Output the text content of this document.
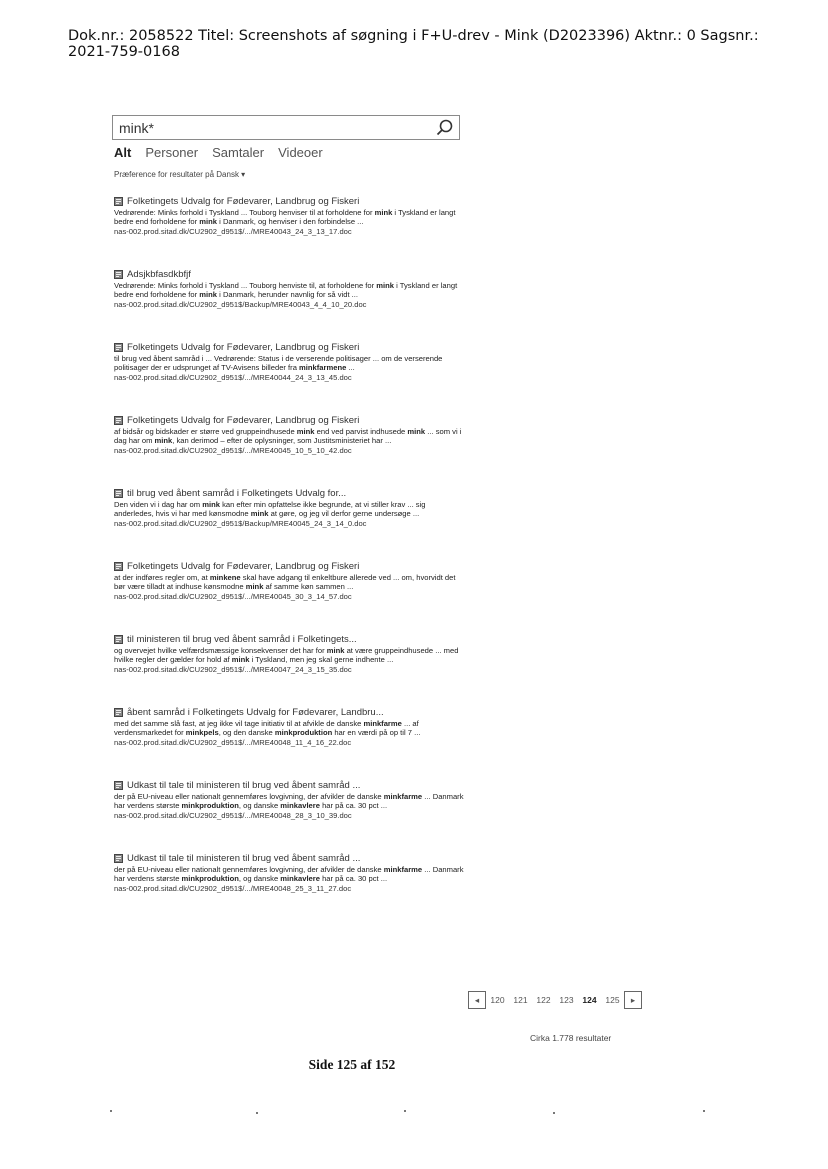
Dok.nr.: 2058522 Titel: Screenshots af søgning i F+U-drev - Mink (D2023396) Aktnr.: 0 Sagsnr.:
2021-759-0168
mink*
Alt Personer Samtaler Videoer
Præference for resultater på Dansk ▾
Folketingets Udvalg for Fødevarer, Landbrug og Fiskeri
Vedrørende: Minks forhold i Tyskland ... Touborg henviser til at forholdene for mink i Tyskland er langt bedre end forholdene for mink i Danmark, og henviser i den forbindelse ...
nas-002.prod.sitad.dk/CU2902_d951$/.../MRE40043_24_3_13_17.doc
Adsjkbfasdkbfjf
Vedrørende: Minks forhold i Tyskland ... Touborg henviste til, at forholdene for mink i Tyskland er langt bedre end forholdene for mink i Danmark, herunder navnlig for så vidt ...
nas-002.prod.sitad.dk/CU2902_d951$/Backup/MRE40043_4_4_10_20.doc
Folketingets Udvalg for Fødevarer, Landbrug og Fiskeri
til brug ved åbent samråd i ... Vedrørende: Status i de verserende politisager ... om de verserende politisager der er udsprunget af TV-Avisens billeder fra minkfarmene ...
nas-002.prod.sitad.dk/CU2902_d951$/.../MRE40044_24_3_13_45.doc
Folketingets Udvalg for Fødevarer, Landbrug og Fiskeri
af bidsår og bidskader er større ved gruppeindhusede mink end ved parvist indhusede mink ... som vi i dag har om mink, kan derimod – efter de oplysninger, som Justitsministeriet har ...
nas-002.prod.sitad.dk/CU2902_d951$/.../MRE40045_10_5_10_42.doc
til brug ved åbent samråd i Folketingets Udvalg for...
Den viden vi i dag har om mink kan efter min opfattelse ikke begrunde, at vi stiller krav ... sig anderledes, hvis vi har med kønsmodne mink at gøre, og jeg vil derfor gerne undersøge ...
nas-002.prod.sitad.dk/CU2902_d951$/Backup/MRE40045_24_3_14_0.doc
Folketingets Udvalg for Fødevarer, Landbrug og Fiskeri
at der indføres regler om, at minkene skal have adgang til enkeltbure allerede ved ... om, hvorvidt det bør være tilladt at indhuse kønsmodne mink af samme køn sammen ...
nas-002.prod.sitad.dk/CU2902_d951$/.../MRE40045_30_3_14_57.doc
til ministeren til brug ved åbent samråd i Folketingets...
og overvejet hvilke velfærdsmæssige konsekvenser det har for mink at være gruppeindhusede ... med hvilke regler der gælder for hold af mink i Tyskland, men jeg skal gerne indhente ...
nas-002.prod.sitad.dk/CU2902_d951$/.../MRE40047_24_3_15_35.doc
åbent samråd i Folketingets Udvalg for Fødevarer, Landbru...
med det samme slå fast, at jeg ikke vil tage initiativ til at afvikle de danske minkfarme ... af verdensmarkedet for minkpels, og den danske minkproduktion har en værdi på op til 7 ...
nas-002.prod.sitad.dk/CU2902_d951$/.../MRE40048_11_4_16_22.doc
Udkast til tale til ministeren til brug ved åbent samråd ...
der på EU-niveau eller nationalt gennemføres lovgivning, der afvikler de danske minkfarme ... Danmark har verdens største minkproduktion, og danske minkavlere har på ca. 30 pct ...
nas-002.prod.sitad.dk/CU2902_d951$/.../MRE40048_28_3_10_39.doc
Udkast til tale til ministeren til brug ved åbent samråd ...
der på EU-niveau eller nationalt gennemføres lovgivning, der afvikler de danske minkfarme ... Danmark har verdens største minkproduktion, og danske minkavlere har på ca. 30 pct ...
nas-002.prod.sitad.dk/CU2902_d951$/.../MRE40048_25_3_11_27.doc
◂	120	121	122	123	124	125	▸
Cirka 1.778 resultater
Side 125 af 152
